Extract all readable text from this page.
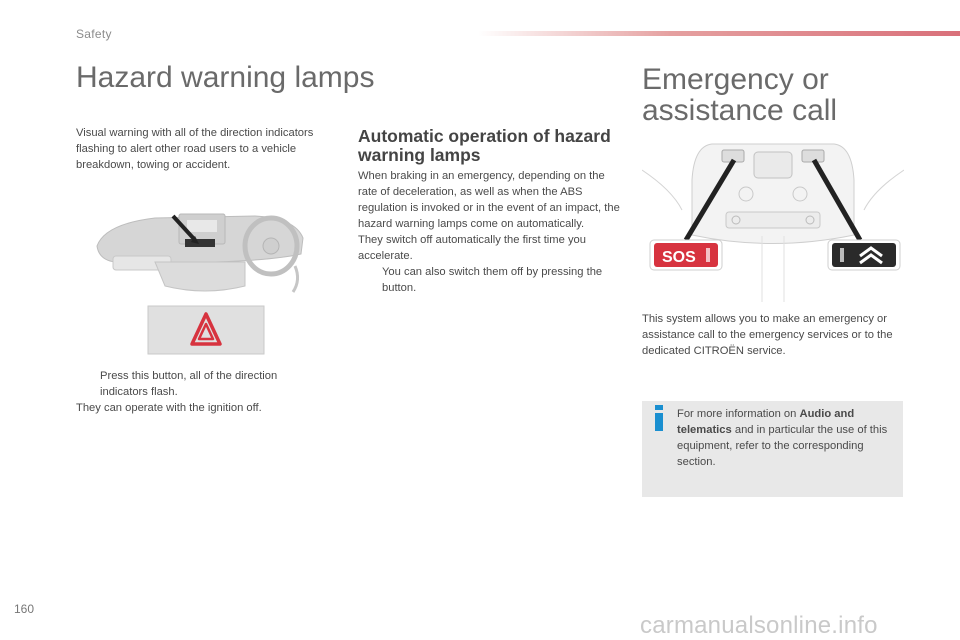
Safety
Hazard warning lamps
Visual warning with all of the direction indicators flashing to alert other road users to a vehicle breakdown, towing or accident.
Press this button, all of the direction indicators flash.
They can operate with the ignition off.
Automatic operation of hazard warning lamps
When braking in an emergency, depending on the rate of deceleration, as well as when the ABS regulation is invoked or in the event of an impact, the hazard warning lamps come on automatically.
They switch off automatically the first time you accelerate.
You can also switch them off by pressing the button.
Emergency or assistance call
SOS
This system allows you to make an emergency or assistance call to the emergency services or to the dedicated CITROËN service.
For more information on Audio and telematics and in particular the use of this equipment, refer to the corresponding section.
160
carmanualsonline.info
